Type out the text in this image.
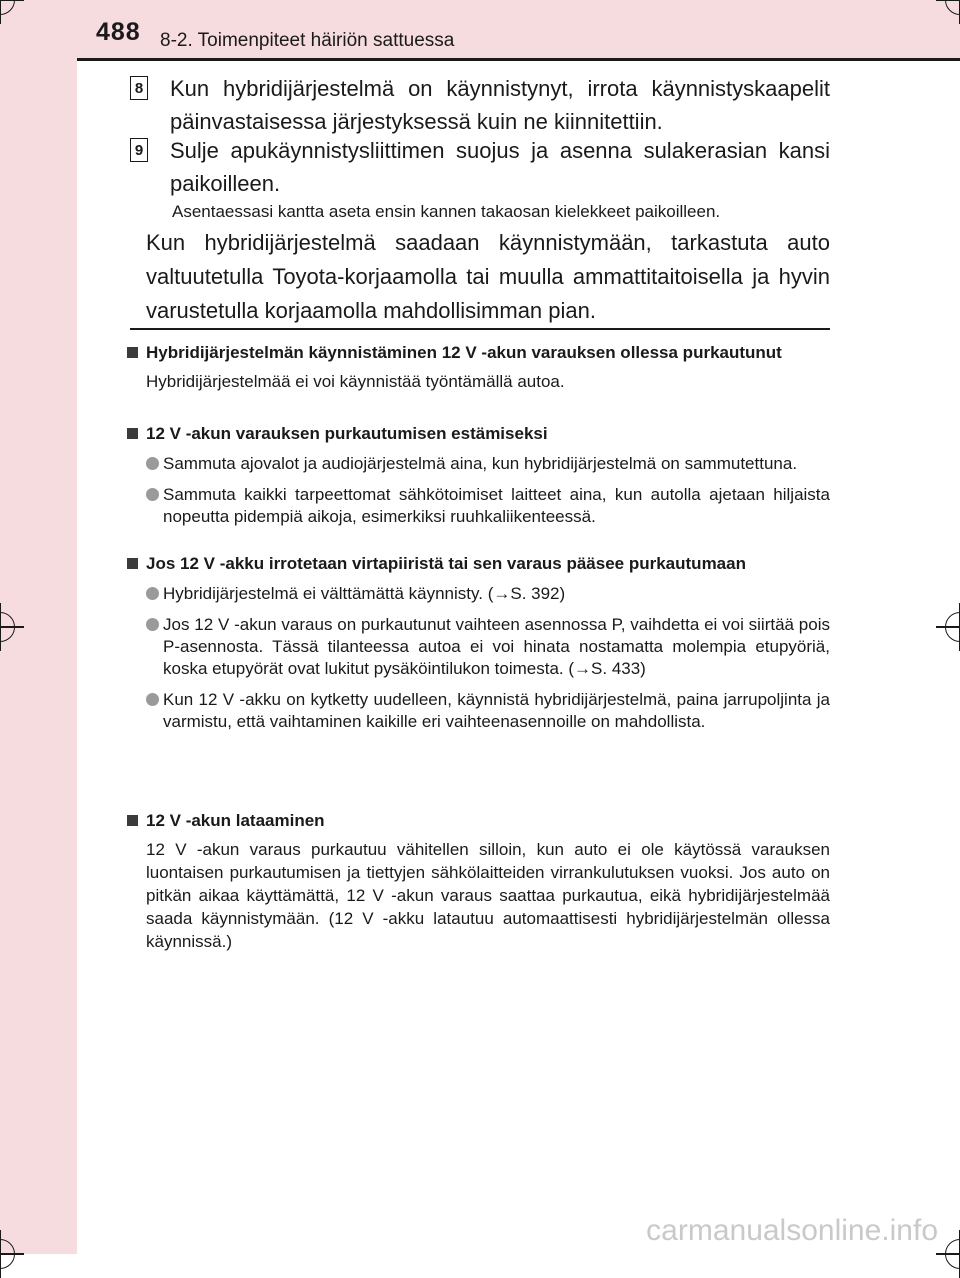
488 8-2. Toimenpiteet häiriön sattuessa
8 Kun hybridijärjestelmä on käynnistynyt, irrota käynnistyskaapelit päinvastaisessa järjestyksessä kuin ne kiinnitettiin.
9 Sulje apukäynnistysliittimen suojus ja asenna sulakerasian kansi paikoilleen.
Asentaessasi kantta aseta ensin kannen takaosan kielekkeet paikoilleen.
Kun hybridijärjestelmä saadaan käynnistymään, tarkastuta auto valtuutetulla Toyota-korjaamolla tai muulla ammattitaitoisella ja hyvin varustetulla korjaamolla mahdollisimman pian.
Hybridijärjestelmän käynnistäminen 12 V -akun varauksen ollessa purkautunut
Hybridijärjestelmää ei voi käynnistää työntämällä autoa.
12 V -akun varauksen purkautumisen estämiseksi
Sammuta ajovalot ja audiojärjestelmä aina, kun hybridijärjestelmä on sammutettuna.
Sammuta kaikki tarpeettomat sähkötoimiset laitteet aina, kun autolla ajetaan hiljaista nopeutta pidempiä aikoja, esimerkiksi ruuhkaliikenteessä.
Jos 12 V -akku irrotetaan virtapiiristä tai sen varaus pääsee purkautumaan
Hybridijärjestelmä ei välttämättä käynnisty. (→S. 392)
Jos 12 V -akun varaus on purkautunut vaihteen asennossa P, vaihdetta ei voi siirtää pois P-asennosta. Tässä tilanteessa autoa ei voi hinata nostamatta molempia etupyöriä, koska etupyörät ovat lukitut pysäköintilukon toimesta. (→S. 433)
Kun 12 V -akku on kytketty uudelleen, käynnistä hybridijärjestelmä, paina jarrupoljinta ja varmistu, että vaihtaminen kaikille eri vaihteenasennoille on mahdollista.
12 V -akun lataaminen
12 V -akun varaus purkautuu vähitellen silloin, kun auto ei ole käytössä varauksen luontaisen purkautumisen ja tiettyjen sähkölaitteiden virrankulutuksen vuoksi. Jos auto on pitkän aikaa käyttämättä, 12 V -akun varaus saattaa purkautua, eikä hybridijärjestelmää saada käynnistymään. (12 V -akku latautuu automaattisesti hybridijärjestelmän ollessa käynnissä.)
carmanualsonline.info
